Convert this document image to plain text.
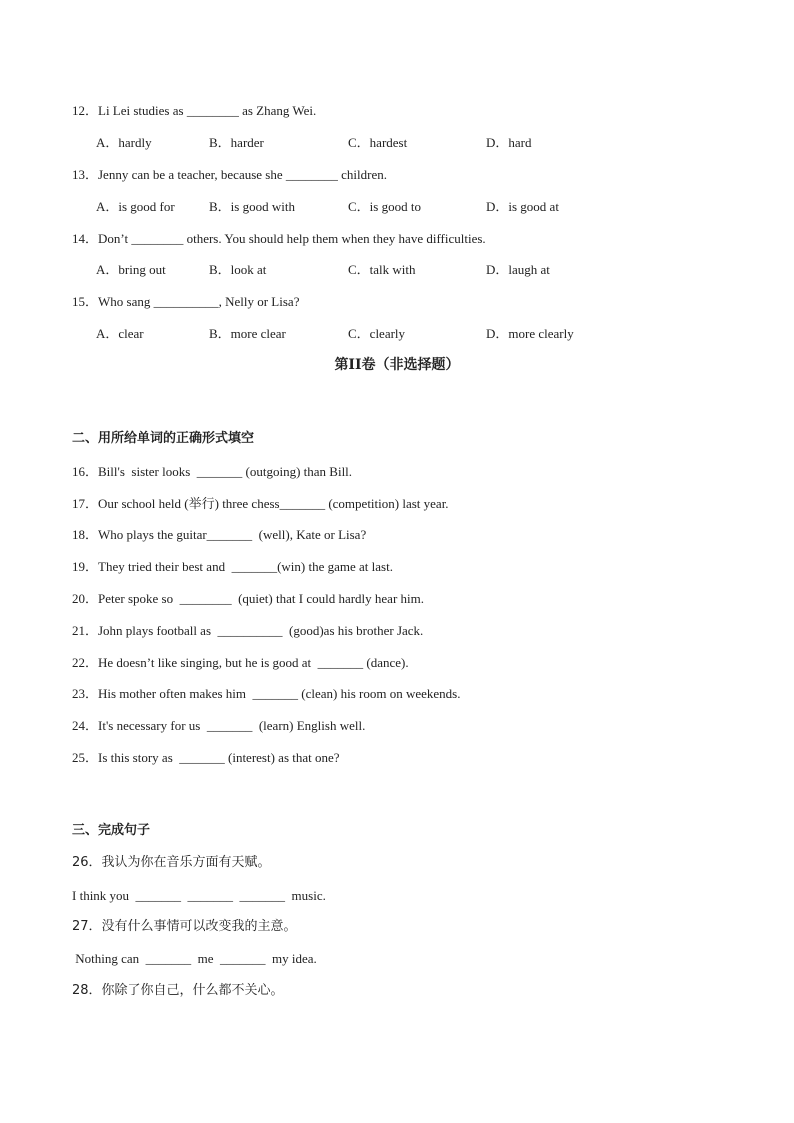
12．Li Lei studies as ________ as Zhang Wei.
A．hardly	B．harder	C．hardest	D．hard
13．Jenny can be a teacher, because she ________ children.
A．is good for	B．is good with	C．is good to	D．is good at
14．Don’t ________ others. You should help them when they have difficulties.
A．bring out	B．look at	C．talk with	D．laugh at
15．Who sang __________, Nelly or Lisa?
A．clear	B．more clear	C．clearly	D．more clearly
第II卷（非选择题）
二、用所给单词的正确形式填空
16．Bill's  sister looks  _______ (outgoing) than Bill.
17．Our school held (举行) three chess_______ (competition) last year.
18．Who plays the guitar_______  (well), Kate or Lisa?
19．They tried their best and  _______(win) the game at last.
20．Peter spoke so  ________  (quiet) that I could hardly hear him.
21．John plays football as  __________  (good)as his brother Jack.
22．He doesn’t like singing, but he is good at  _______ (dance).
23．His mother often makes him  _______ (clean) his room on weekends.
24．It's necessary for us  _______  (learn) English well.
25．Is this story as  _______ (interest) as that one?
三、完成句子
26．我认为你在音乐方面有天赋。
I think you  _______  _______  _______  music.
27．没有什么事情可以改变我的主意。
Nothing can  _______  me  _______  my idea.
28．你除了你自己，什么都不关心。
